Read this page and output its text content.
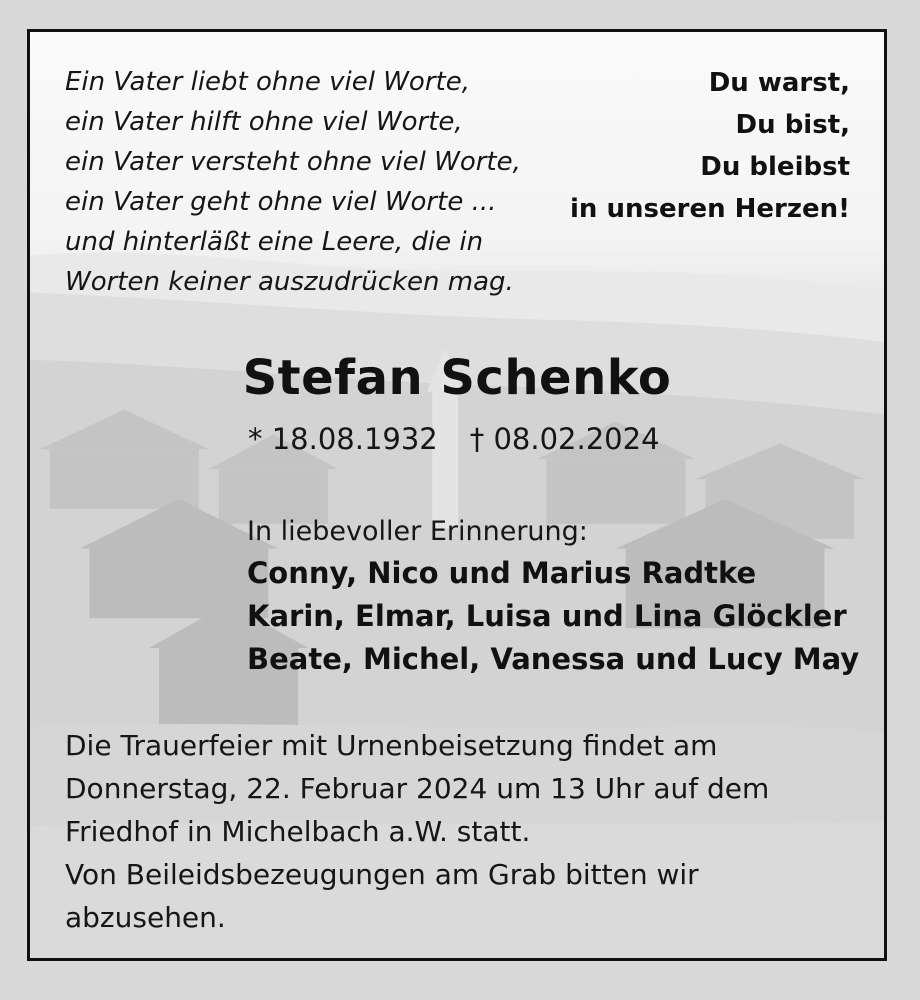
Ein Vater liebt ohne viel Worte,
ein Vater hilft ohne viel Worte,
ein Vater versteht ohne viel Worte,
ein Vater geht ohne viel Worte ...
und hinterläßt eine Leere, die in
Worten keiner auszudrücken mag.
Du warst,
Du bist,
Du bleibst
in unseren Herzen!
Stefan Schenko
* 18.08.1932 † 08.02.2024
In liebevoller Erinnerung:
Conny, Nico und Marius Radtke
Karin, Elmar, Luisa und Lina Glöckler
Beate, Michel, Vanessa und Lucy May

Die Trauerfeier mit Urnenbeisetzung findet am

Donnerstag, 22. Februar 2024 um 13 Uhr auf dem

Friedhof in Michelbach a.W. statt.

Von Beileidsbezeugungen am Grab bitten wir

abzusehen.
